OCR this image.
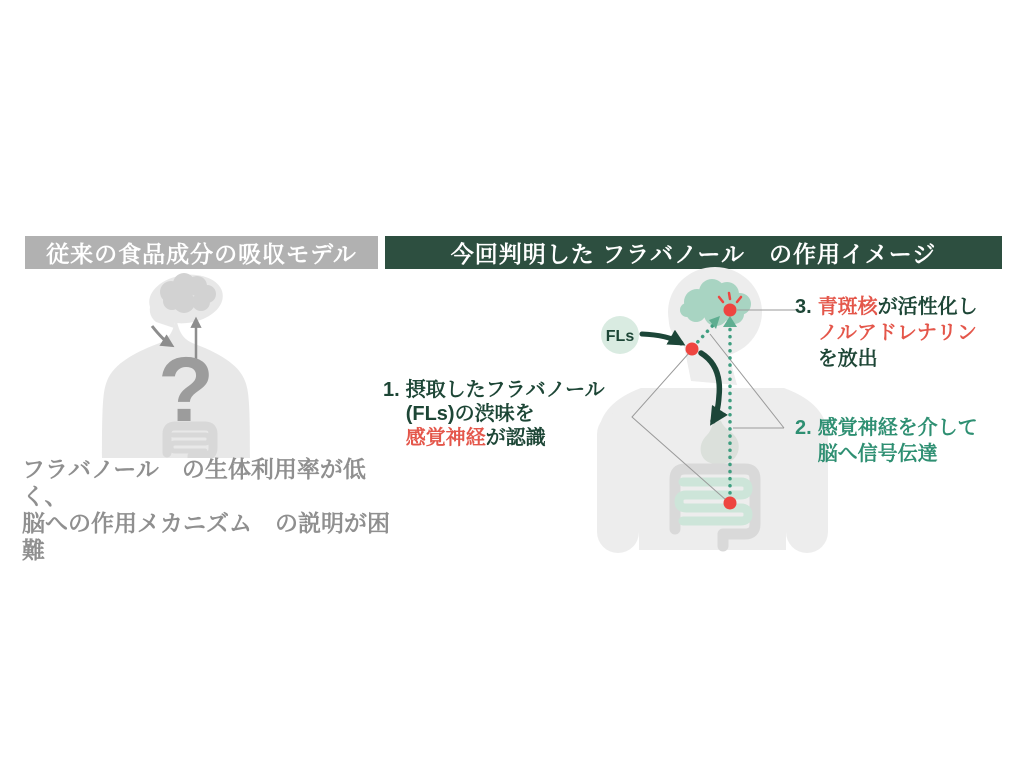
従来の食品成分の吸収モデル	今回判明した フラバノール　の作用イメージ
?
フラバノール　の生体利用率が低く、
脳への作用メカニズム　の説明が困難
FLs
1. 摂取したフラバノール
(FLs)の渋味を
感覚神経が認識
3. 青斑核が活性化し
ノルアドレナリン
を放出
2. 感覚神経を介して
脳へ信号伝達
